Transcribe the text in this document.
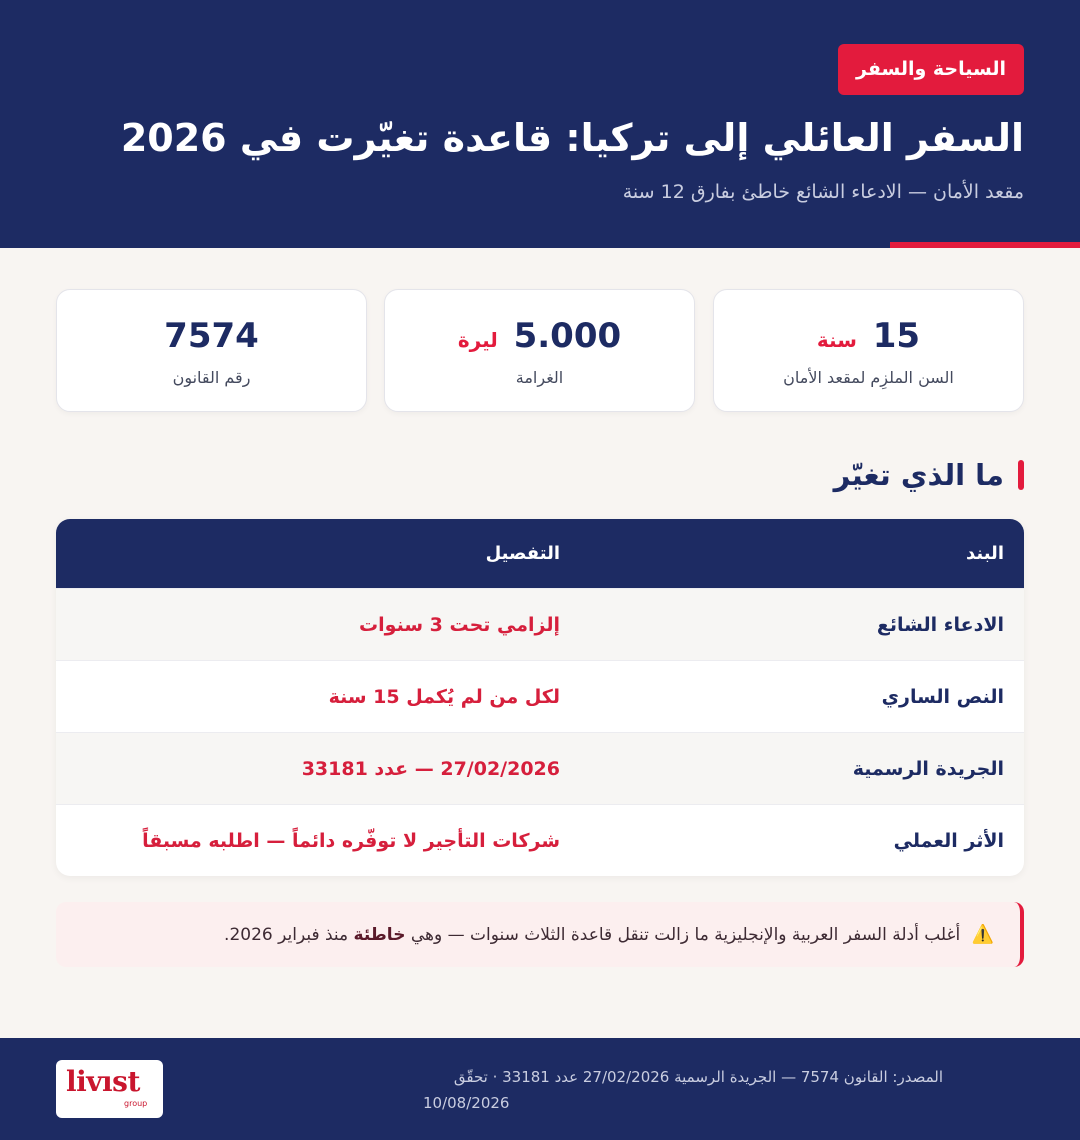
السياحة والسفر
السفر العائلي إلى تركيا: قاعدة تغيّرت في 2026
مقعد الأمان — الادعاء الشائع خاطئ بفارق 12 سنة
15 سنة
السن الملزِم لمقعد الأمان
5.000 ليرة
الغرامة
7574
رقم القانون
ما الذي تغيّر
البند
التفصيل
الادعاء الشائع
إلزامي تحت 3 سنوات
النص الساري
لكل من لم يُكمل 15 سنة
الجريدة الرسمية
27/02/2026 — عدد 33181
الأثر العملي
شركات التأجير لا توفّره دائماً — اطلبه مسبقاً
⚠️ أغلب أدلة السفر العربية والإنجليزية ما زالت تنقل قاعدة الثلاث سنوات — وهي خاطئة منذ فبراير 2026.
المصدر: القانون 7574 — الجريدة الرسمية 27/02/2026 عدد 33181 · تحقّق
10/08/2026
livıst
group
